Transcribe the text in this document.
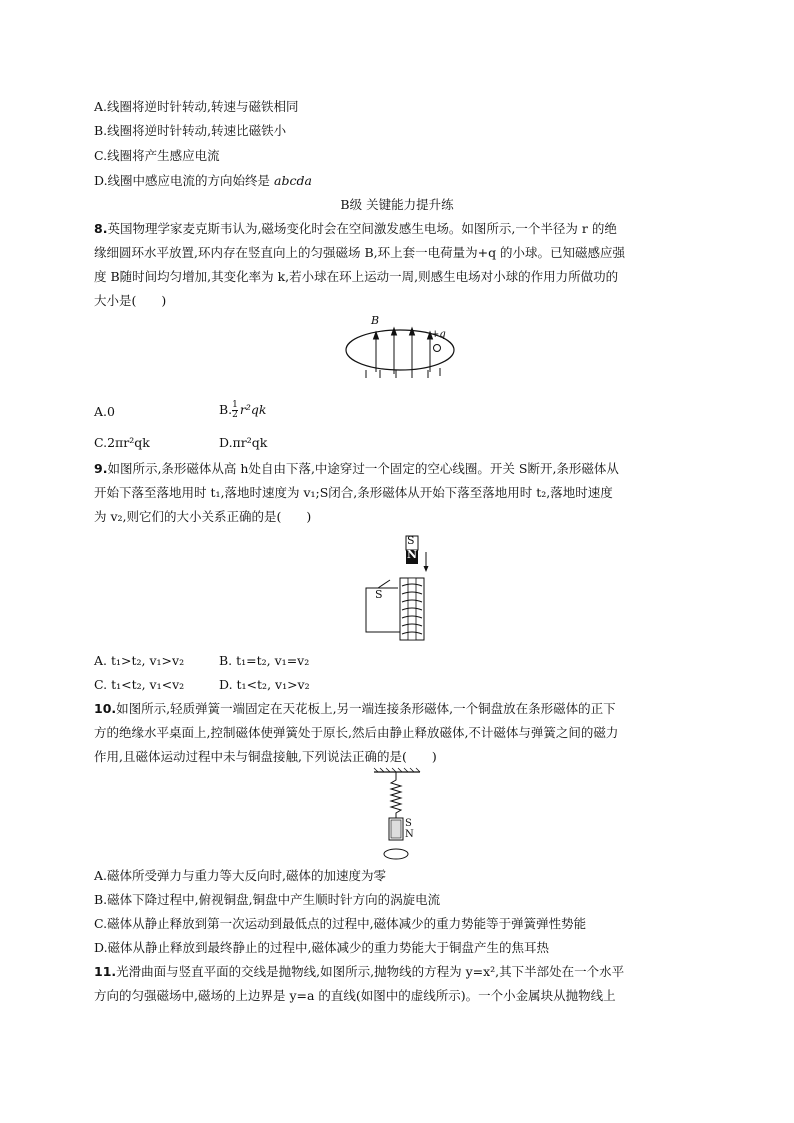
A.线圈将逆时针转动,转速与磁铁相同
B.线圈将逆时针转动,转速比磁铁小
C.线圈将产生感应电流
D.线圈中感应电流的方向始终是 abcda
B级 关键能力提升练
8.英国物理学家麦克斯韦认为,磁场变化时会在空间激发感生电场。如图所示,一个半径为 r 的绝
缘细圆环水平放置,环内存在竖直向上的匀强磁场 B,环上套一电荷量为+q 的小球。已知磁感应强
度 B随时间均匀增加,其变化率为 k,若小球在环上运动一周,则感生电场对小球的作用力所做功的
大小是(　　)
B
+q
A.0	B. $\frac{1}{2} r^2qk$
C.2πr²qk	D.πr²qk
9.如图所示,条形磁体从高 h处自由下落,中途穿过一个固定的空心线圈。开关 S断开,条形磁体从
开始下落至落地用时 t₁,落地时速度为 v₁;S闭合,条形磁体从开始下落至落地用时 t₂,落地时速度
为 v₂,则它们的大小关系正确的是(　　)
S
N
S
A. t₁>t₂, v₁>v₂	B. t₁=t₂, v₁=v₂
C. t₁<t₂, v₁<v₂	D. t₁<t₂, v₁>v₂
10.如图所示,轻质弹簧一端固定在天花板上,另一端连接条形磁体,一个铜盘放在条形磁体的正下
方的绝缘水平桌面上,控制磁体使弹簧处于原长,然后由静止释放磁体,不计磁体与弹簧之间的磁力
作用,且磁体运动过程中未与铜盘接触,下列说法正确的是(　　)
S
N
A.磁体所受弹力与重力等大反向时,磁体的加速度为零
B.磁体下降过程中,俯视铜盘,铜盘中产生顺时针方向的涡旋电流
C.磁体从静止释放到第一次运动到最低点的过程中,磁体减少的重力势能等于弹簧弹性势能
D.磁体从静止释放到最终静止的过程中,磁体减少的重力势能大于铜盘产生的焦耳热
11.光滑曲面与竖直平面的交线是抛物线,如图所示,抛物线的方程为 y=x²,其下半部处在一个水平
方向的匀强磁场中,磁场的上边界是 y=a 的直线(如图中的虚线所示)。一个小金属块从抛物线上
